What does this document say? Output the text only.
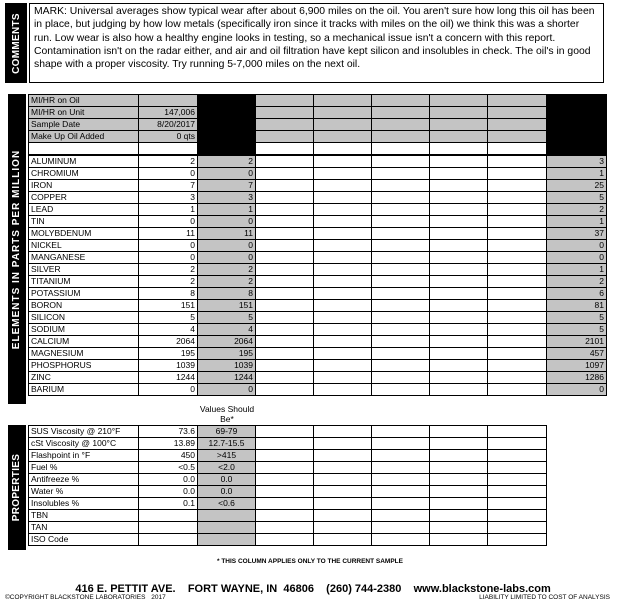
COMMENTS
MARK: Universal averages show typical wear after about 6,900 miles on the oil. You aren't sure how long this oil has been in place, but judging by how low metals (specifically iron since it tracks with miles on the oil) we think this was a shorter run. Low wear is also how a healthy engine looks in testing, so a mechanical issue isn't a concern with this report. Contamination isn't on the radar either, and air and oil filtration have kept silicon and insolubles in check. The oil's in good shape with a proper viscosity. Try running 5-7,000 miles on the next oil.
ELEMENTS IN PARTS PER MILLION
MI/HR on Oil								
MI/HR on Unit	147,006							
Sample Date	8/20/2017							
Make Up Oil Added	0 qts							

ALUMINUM	2	2						3
CHROMIUM	0	0						1
IRON	7	7						25
COPPER	3	3						5
LEAD	1	1						2
TIN	0	0						1
MOLYBDENUM	11	11						37
NICKEL	0	0						0
MANGANESE	0	0						0
SILVER	2	2						1
TITANIUM	2	2						2
POTASSIUM	8	8						6
BORON	151	151						81
SILICON	5	5						5
SODIUM	4	4						5
CALCIUM	2064	2064						2101
MAGNESIUM	195	195						457
PHOSPHORUS	1039	1039						1097
ZINC	1244	1244						1286
BARIUM	0	0						0
Values Should Be*
PROPERTIES
SUS Viscosity @ 210°F	73.6	69-79						
cSt Viscosity @ 100°C	13.89	12.7-15.5						
Flashpoint in °F	450	>415						
Fuel %	<0.5	<2.0						
Antifreeze %	0.0	0.0						
Water %	0.0	0.0						
Insolubles %	0.1	<0.6						
TBN								
TAN								
ISO Code								
* THIS COLUMN APPLIES ONLY TO THE CURRENT SAMPLE

416 E. PETTIT AVE.    FORT WAYNE, IN  46806    (260) 744-2380    www.blackstone-labs.com

©COPYRIGHT BLACKSTONE LABORATORIES 2017	LIABILITY LIMITED TO COST OF ANALYSIS
